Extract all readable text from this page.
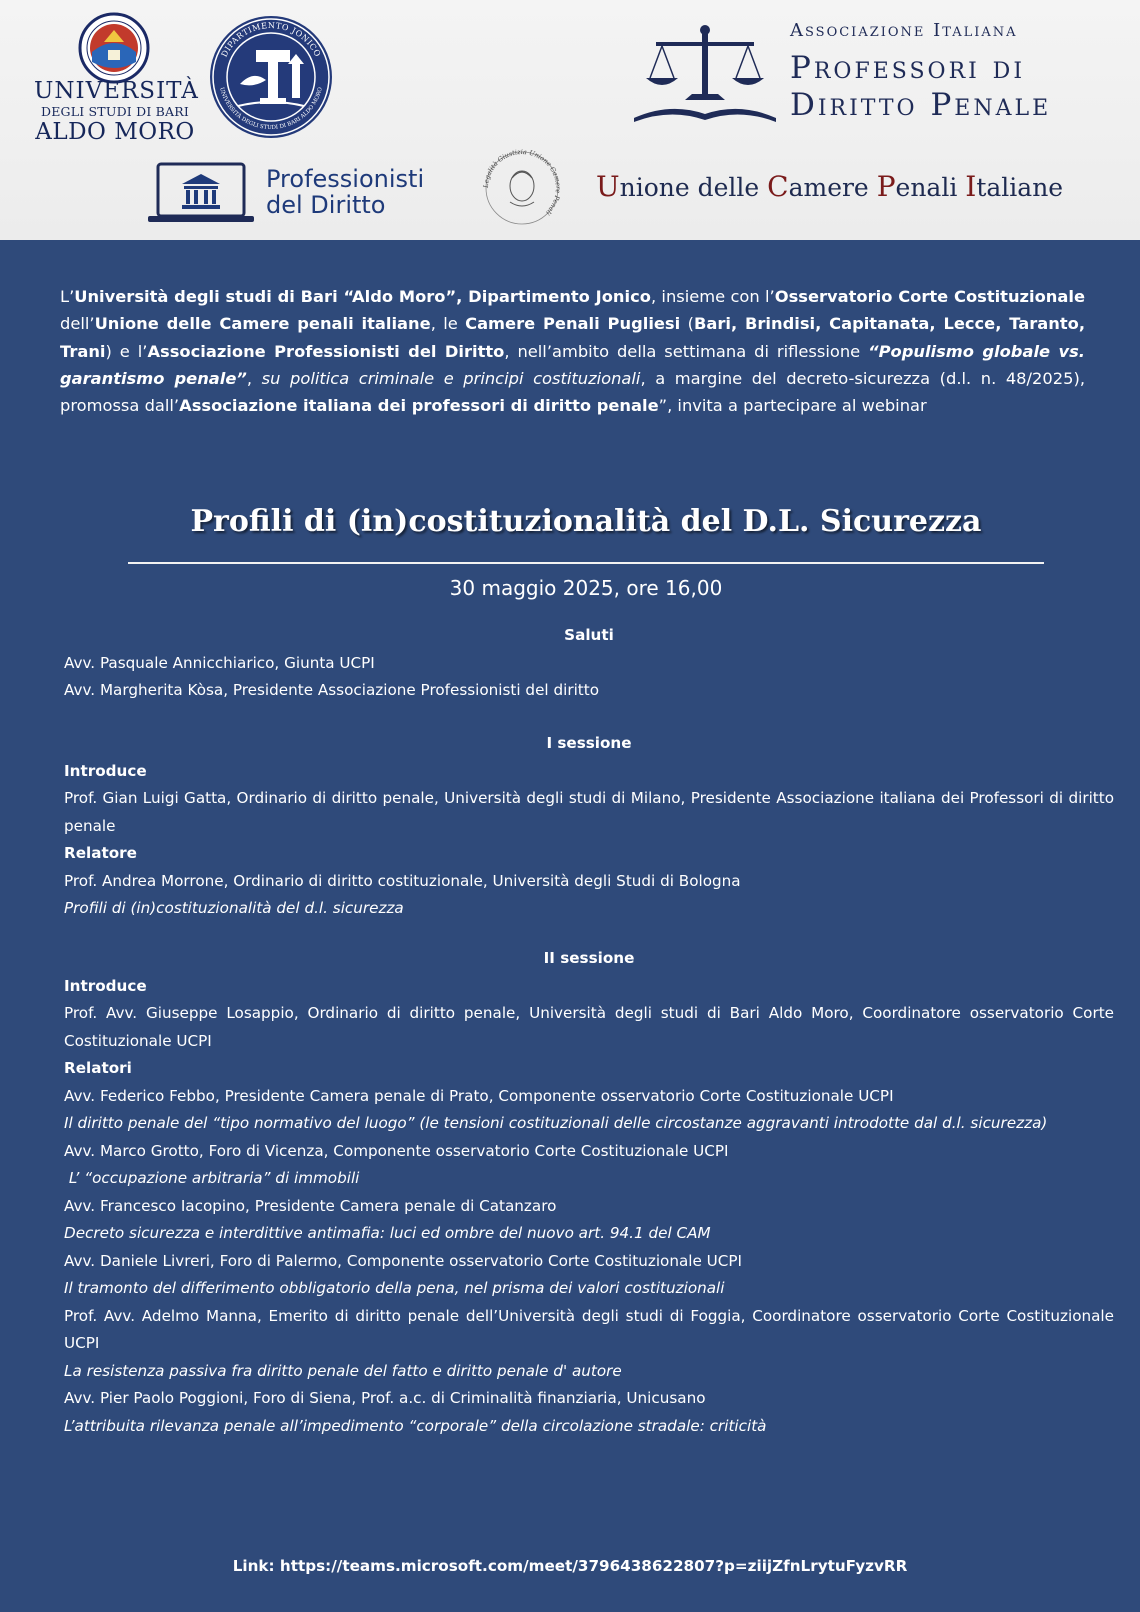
UNIVERSITÀ
DEGLI STUDI DI BARI
ALDO MORO
DIPARTIMENTO JONICO
UNIVERSITÀ DEGLI STUDI DI BARI ALDO MORO
Associazione Italiana
Professori di
Diritto Penale
Professionisti
del Diritto
Legalità Giustizia Unione Camere Penali
Unione delle Camere Penali Italiane

L’Università degli studi di Bari “Aldo Moro”, Dipartimento Jonico, insieme con l’Osservatorio Corte Costituzionale dell’Unione delle Camere penali italiane, le Camere Penali Pugliesi (Bari, Brindisi, Capitanata, Lecce, Taranto, Trani) e l’Associazione Professionisti del Diritto, nell’ambito della settimana di riflessione “Populismo globale vs. garantismo penale”, su politica criminale e principi costituzionali, a margine del decreto-sicurezza (d.l. n. 48/2025), promossa dall’Associazione italiana dei professori di diritto penale”, invita a partecipare al webinar

Profili di (in)costituzionalità del D.L. Sicurezza
30 maggio 2025, ore 16,00
Saluti
Avv. Pasquale Annicchiarico, Giunta UCPI
Avv. Margherita Kòsa, Presidente Associazione Professionisti del diritto
I sessione
Introduce
Prof. Gian Luigi Gatta, Ordinario di diritto penale, Università degli studi di Milano, Presidente Associazione italiana dei Professori di diritto penale
Relatore
Prof. Andrea Morrone, Ordinario di diritto costituzionale, Università degli Studi di Bologna
Profili di (in)costituzionalità del d.l. sicurezza
II sessione
Introduce
Prof. Avv. Giuseppe Losappio, Ordinario di diritto penale, Università degli studi di Bari Aldo Moro, Coordinatore osservatorio Corte Costituzionale UCPI
Relatori
Avv. Federico Febbo, Presidente Camera penale di Prato, Componente osservatorio Corte Costituzionale UCPI
Il diritto penale del “tipo normativo del luogo” (le tensioni costituzionali delle circostanze aggravanti introdotte dal d.l. sicurezza)
Avv. Marco Grotto, Foro di Vicenza, Componente osservatorio Corte Costituzionale UCPI
L’ “occupazione arbitraria” di immobili
Avv. Francesco Iacopino, Presidente Camera penale di Catanzaro
Decreto sicurezza e interdittive antimafia: luci ed ombre del nuovo art. 94.1 del CAM
Avv. Daniele Livreri, Foro di Palermo, Componente osservatorio Corte Costituzionale UCPI
Il tramonto del differimento obbligatorio della pena, nel prisma dei valori costituzionali
Prof. Avv. Adelmo Manna, Emerito di diritto penale dell’Università degli studi di Foggia, Coordinatore osservatorio Corte Costituzionale UCPI
La resistenza passiva fra diritto penale del fatto e diritto penale d' autore
Avv. Pier Paolo Poggioni, Foro di Siena, Prof. a.c. di Criminalità finanziaria, Unicusano
L’attribuita rilevanza penale all’impedimento “corporale” della circolazione stradale: criticità
Link: https://teams.microsoft.com/meet/3796438622807?p=ziijZfnLrytuFyzvRR
